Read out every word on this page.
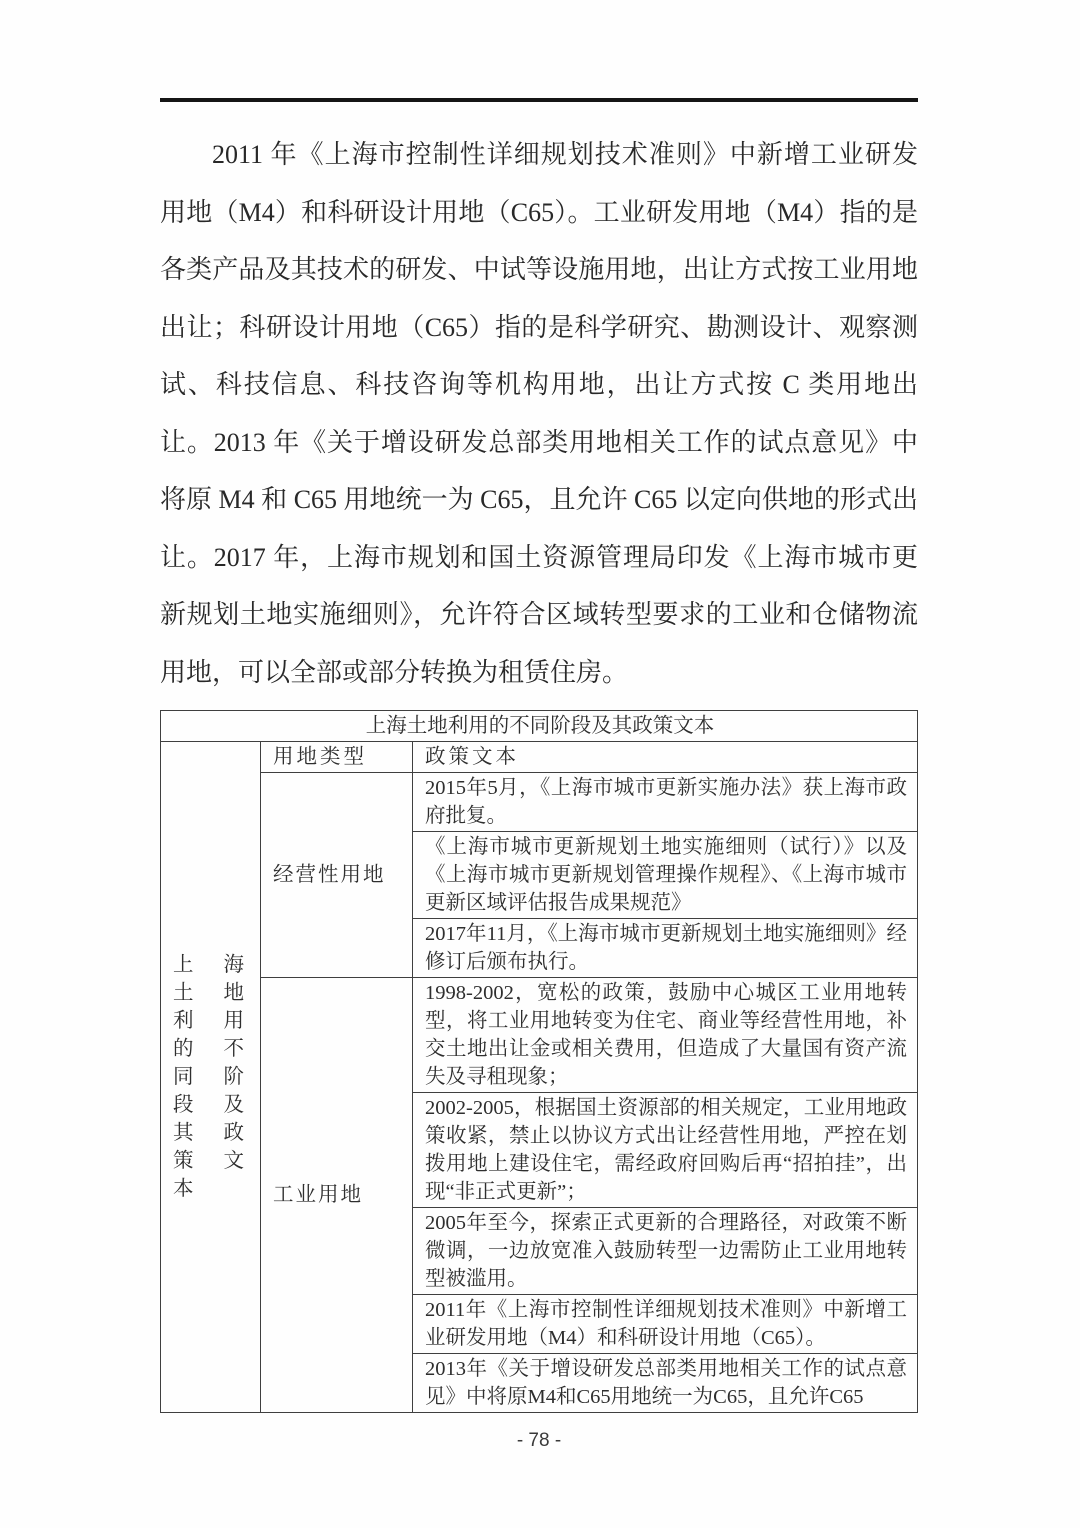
2011 年《上海市控制性详细规划技术准则》中新增工业研发用地（M4）和科研设计用地（C65）。工业研发用地（M4）指的是各类产品及其技术的研发、中试等设施用地，出让方式按工业用地出让；科研设计用地（C65）指的是科学研究、勘测设计、观察测试、科技信息、科技咨询等机构用地，出让方式按 C 类用地出让。2013 年《关于增设研发总部类用地相关工作的试点意见》中将原 M4 和 C65 用地统一为 C65，且允许 C65 以定向供地的形式出让。2017 年，上海市规划和国土资源管理局印发《上海市城市更新规划土地实施细则》，允许符合区域转型要求的工业和仓储物流用地，可以全部或部分转换为租赁住房。

上海土地利用的不同阶段及其政策文本		
上海土地利用的不同阶段及其政策文本	用地类型	政策文本
	经营性用地	2015年5月，《上海市城市更新实施办法》获上海市政府批复。
		《上海市城市更新规划土地实施细则（试行）》以及《上海市城市更新规划管理操作规程》、《上海市城市更新区域评估报告成果规范》
		2017年11月，《上海市城市更新规划土地实施细则》经修订后颁布执行。
	工业用地	1998-2002，宽松的政策，鼓励中心城区工业用地转型，将工业用地转变为住宅、商业等经营性用地，补交土地出让金或相关费用，但造成了大量国有资产流失及寻租现象；
		2002-2005，根据国土资源部的相关规定，工业用地政策收紧，禁止以协议方式出让经营性用地，严控在划拨用地上建设住宅，需经政府回购后再“招拍挂”，出现“非正式更新”；
		2005年至今，探索正式更新的合理路径，对政策不断微调，一边放宽准入鼓励转型一边需防止工业用地转型被滥用。
		2011年《上海市控制性详细规划技术准则》中新增工业研发用地（M4）和科研设计用地（C65）。
		2013年《关于增设研发总部类用地相关工作的试点意见》中将原M4和C65用地统一为C65，且允许C65
- 78 -
